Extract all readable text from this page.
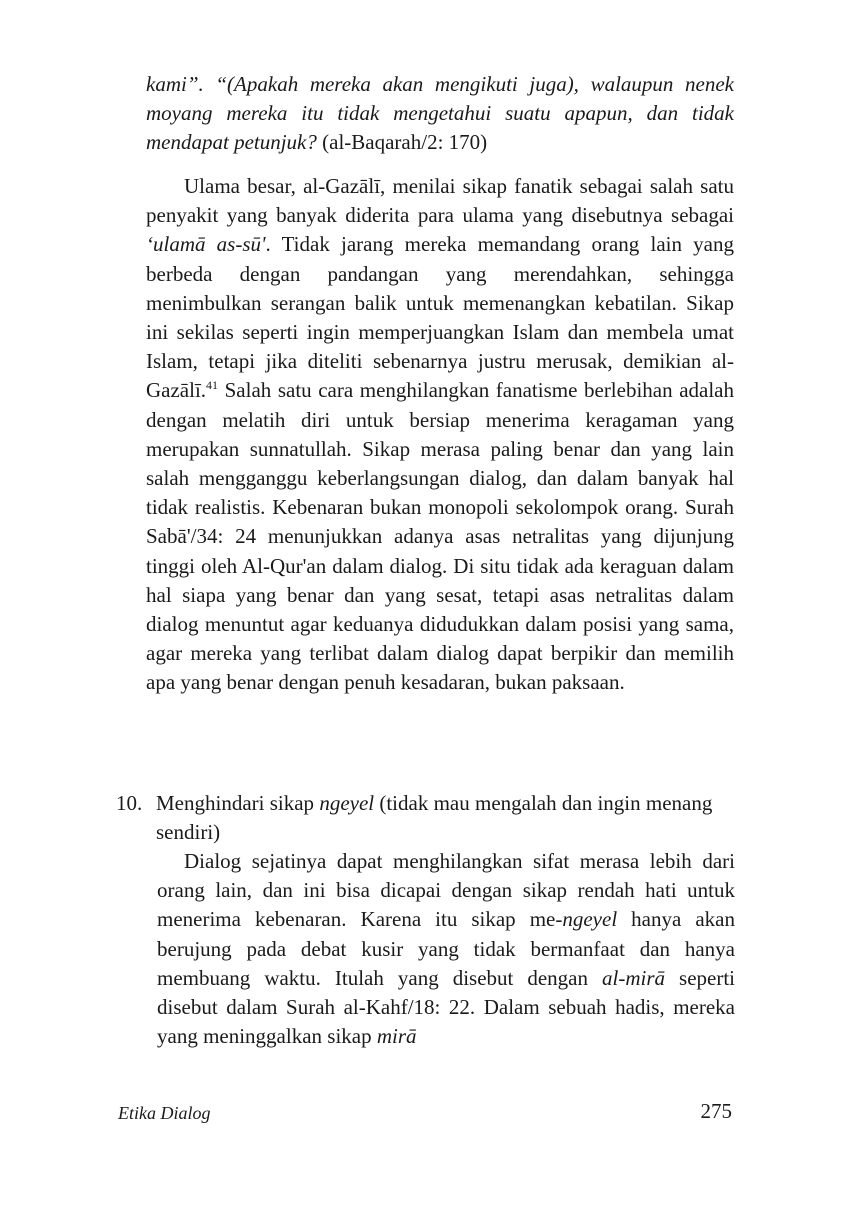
kami”. “(Apakah mereka akan mengikuti juga), walaupun nenek moyang mereka itu tidak mengetahui suatu apapun, dan tidak mendapat petunjuk? (al-Baqarah/2: 170)

Ulama besar, al-Gazālī, menilai sikap fanatik sebagai salah satu penyakit yang banyak diderita para ulama yang disebutnya sebagai ‘ulamā as-sū'. Tidak jarang mereka memandang orang lain yang berbeda dengan pandangan yang merendahkan, sehingga menimbulkan serangan balik untuk memenangkan kebatilan. Sikap ini sekilas seperti ingin memperjuangkan Islam dan membela umat Islam, tetapi jika diteliti sebenarnya justru merusak, demikian al-Gazālī.$^{41}$ Salah satu cara menghilangkan fanatisme berlebihan adalah dengan melatih diri untuk bersiap menerima keragaman yang merupakan sunnatullah. Sikap merasa paling benar dan yang lain salah mengganggu keberlangsungan dialog, dan dalam banyak hal tidak realistis. Kebenaran bukan monopoli sekolompok orang. Surah Sabā'/34: 24 menunjukkan adanya asas netralitas yang dijunjung tinggi oleh Al-Qur'an dalam dialog. Di situ tidak ada keraguan dalam hal siapa yang benar dan yang sesat, tetapi asas netralitas dalam dialog menuntut agar keduanya didudukkan dalam posisi yang sama, agar mereka yang terlibat dalam dialog dapat berpikir dan memilih apa yang benar dengan penuh kesadaran, bukan paksaan.

10. Menghindari sikap ngeyel (tidak mau mengalah dan ingin menang sendiri)

Dialog sejatinya dapat menghilangkan sifat merasa lebih dari orang lain, dan ini bisa dicapai dengan sikap rendah hati untuk menerima kebenaran. Karena itu sikap me-ngeyel hanya akan berujung pada debat kusir yang tidak bermanfaat dan hanya membuang waktu. Itulah yang disebut dengan al-mirā seperti disebut dalam Surah al-Kahf/18: 22. Dalam sebuah hadis, mereka yang meninggalkan sikap mirā

Etika Dialog	275
